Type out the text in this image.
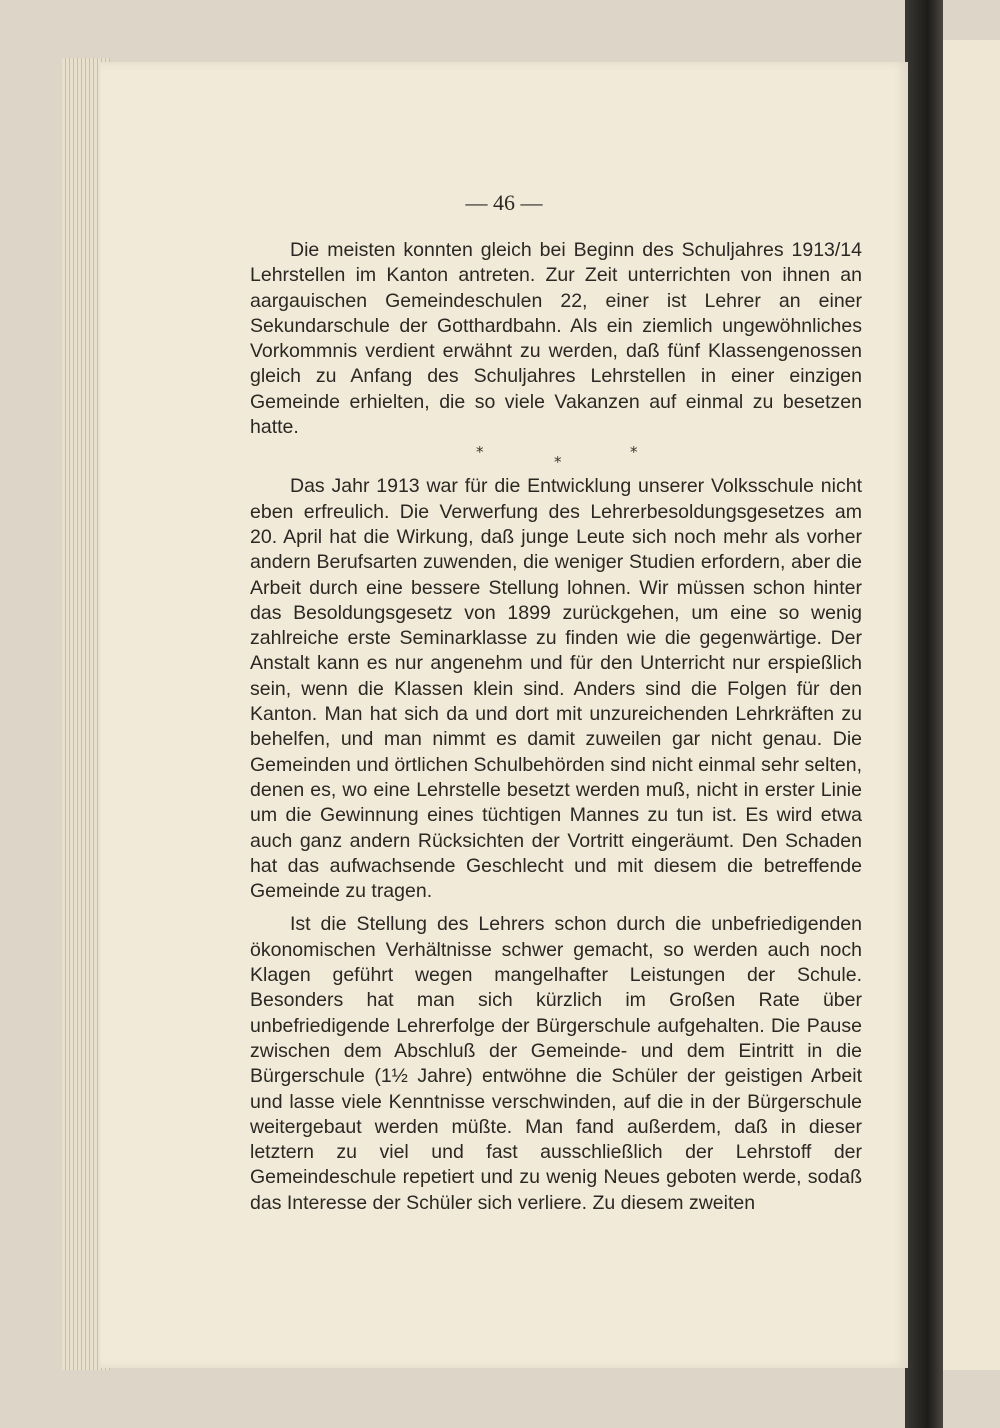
— 46 —

Die meisten konnten gleich bei Beginn des Schuljahres 1913/14 Lehrstellen im Kanton antreten. Zur Zeit unterrichten von ihnen an aargauischen Gemeindeschulen 22, einer ist Lehrer an einer Sekundarschule der Gotthardbahn. Als ein ziemlich ungewöhnliches Vorkommnis verdient erwähnt zu werden, daß fünf Klassengenossen gleich zu Anfang des Schuljahres Lehrstellen in einer einzigen Gemeinde erhielten, die so viele Vakanzen auf einmal zu besetzen hatte.

*
*
*

Das Jahr 1913 war für die Entwicklung unserer Volksschule nicht eben erfreulich. Die Verwerfung des Lehrerbesoldungsgesetzes am 20. April hat die Wirkung, daß junge Leute sich noch mehr als vorher andern Berufsarten zuwenden, die weniger Studien erfordern, aber die Arbeit durch eine bessere Stellung lohnen. Wir müssen schon hinter das Besoldungsgesetz von 1899 zurückgehen, um eine so wenig zahlreiche erste Seminarklasse zu finden wie die gegenwärtige. Der Anstalt kann es nur angenehm und für den Unterricht nur erspießlich sein, wenn die Klassen klein sind. Anders sind die Folgen für den Kanton. Man hat sich da und dort mit unzureichenden Lehrkräften zu behelfen, und man nimmt es damit zuweilen gar nicht genau. Die Gemeinden und örtlichen Schulbehörden sind nicht einmal sehr selten, denen es, wo eine Lehrstelle besetzt werden muß, nicht in erster Linie um die Gewinnung eines tüchtigen Mannes zu tun ist. Es wird etwa auch ganz andern Rücksichten der Vortritt eingeräumt. Den Schaden hat das aufwachsende Geschlecht und mit diesem die betreffende Gemeinde zu tragen.

Ist die Stellung des Lehrers schon durch die unbefriedigenden ökonomischen Verhältnisse schwer gemacht, so werden auch noch Klagen geführt wegen mangelhafter Leistungen der Schule. Besonders hat man sich kürzlich im Großen Rate über unbefriedigende Lehrerfolge der Bürgerschule aufgehalten. Die Pause zwischen dem Abschluß der Gemeinde- und dem Eintritt in die Bürgerschule (1½ Jahre) entwöhne die Schüler der geistigen Arbeit und lasse viele Kenntnisse verschwinden, auf die in der Bürgerschule weitergebaut werden müßte. Man fand außerdem, daß in dieser letztern zu viel und fast ausschließlich der Lehrstoff der Gemeindeschule repetiert und zu wenig Neues geboten werde, sodaß das Interesse der Schüler sich verliere. Zu diesem zweiten
